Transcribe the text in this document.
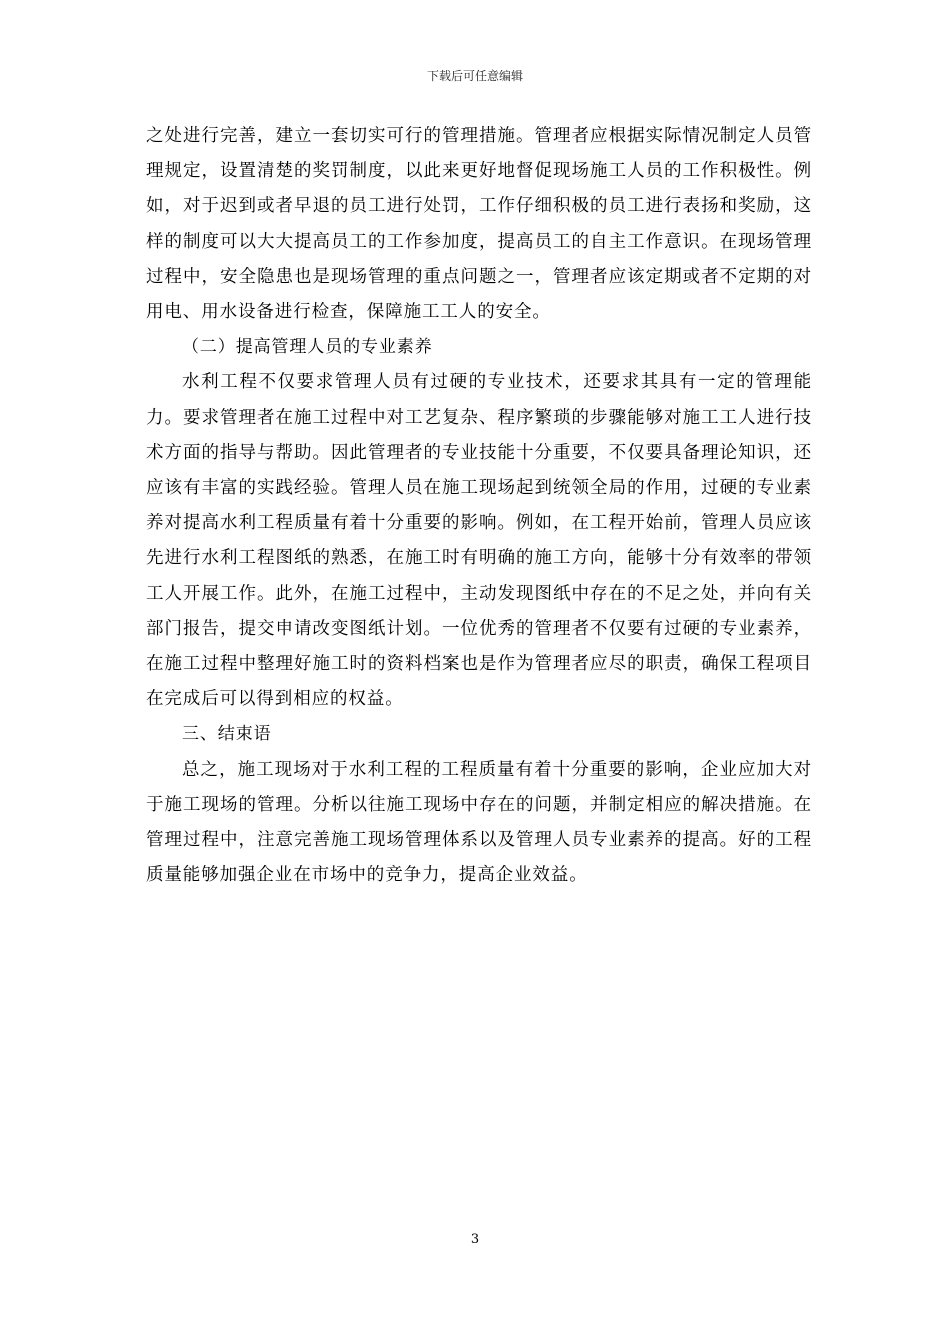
下载后可任意编辑

之处进行完善，建立一套切实可行的管理措施。管理者应根据实际情况制定人员管理规定，设置清楚的奖罚制度，以此来更好地督促现场施工人员的工作积极性。例如，对于迟到或者早退的员工进行处罚，工作仔细积极的员工进行表扬和奖励，这样的制度可以大大提高员工的工作参加度，提高员工的自主工作意识。在现场管理过程中，安全隐患也是现场管理的重点问题之一，管理者应该定期或者不定期的对用电、用水设备进行检查，保障施工工人的安全。

（二）提高管理人员的专业素养

水利工程不仅要求管理人员有过硬的专业技术，还要求其具有一定的管理能力。要求管理者在施工过程中对工艺复杂、程序繁琐的步骤能够对施工工人进行技术方面的指导与帮助。因此管理者的专业技能十分重要，不仅要具备理论知识，还应该有丰富的实践经验。管理人员在施工现场起到统领全局的作用，过硬的专业素养对提高水利工程质量有着十分重要的影响。例如，在工程开始前，管理人员应该先进行水利工程图纸的熟悉，在施工时有明确的施工方向，能够十分有效率的带领工人开展工作。此外，在施工过程中，主动发现图纸中存在的不足之处，并向有关部门报告，提交申请改变图纸计划。一位优秀的管理者不仅要有过硬的专业素养，在施工过程中整理好施工时的资料档案也是作为管理者应尽的职责，确保工程项目在完成后可以得到相应的权益。

三、结束语

总之，施工现场对于水利工程的工程质量有着十分重要的影响，企业应加大对于施工现场的管理。分析以往施工现场中存在的问题，并制定相应的解决措施。在管理过程中，注意完善施工现场管理体系以及管理人员专业素养的提高。好的工程质量能够加强企业在市场中的竞争力，提高企业效益。

3
